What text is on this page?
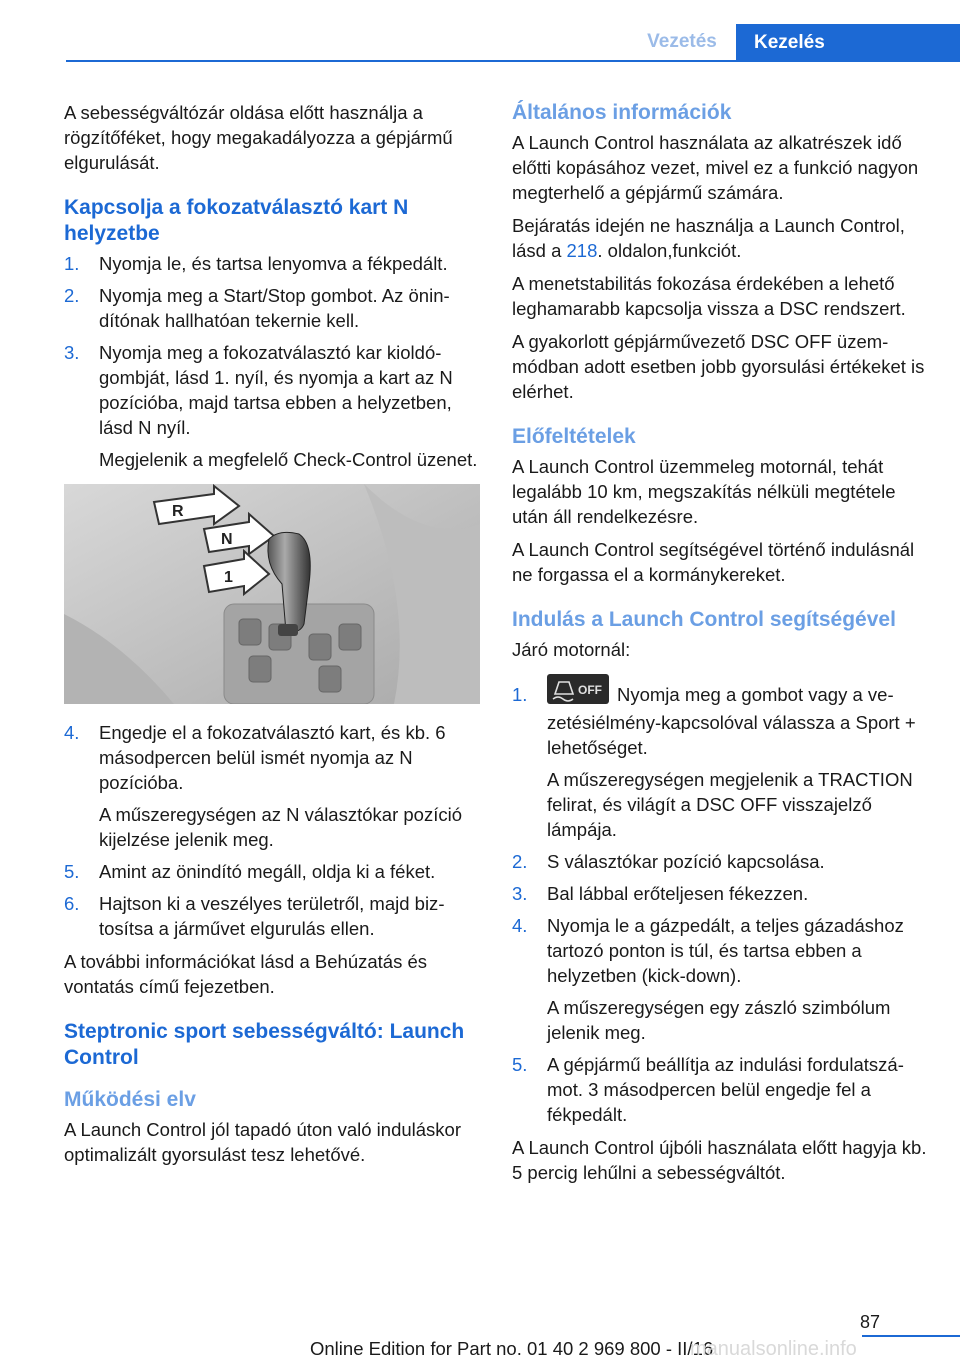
Vezetés	Kezelés

A sebességváltózár oldása előtt használja a rögzítőféket, hogy megakadályozza a gépjármű elgurulását.

Kapcsolja a fokozatválasztó kart N helyzetbe
1. Nyomja le, és tartsa lenyomva a fékpedált.
2. Nyomja meg a Start/Stop gombot. Az önindítónak hallhatóan tekernie kell.
3. Nyomja meg a fokozatválasztó kar kioldógombját, lásd 1. nyíl, és nyomja a kart az N pozícióba, majd tartsa ebben a helyzetben, lásd N nyíl.

Megjelenik a megfelelő Check-Control üzenet.

R
N
1
4. Engedje el a fokozatválasztó kart, és kb. 6 másodpercen belül ismét nyomja az N pozícióba.

A műszeregységen az N választókar pozíció kijelzése jelenik meg.

5. Amint az önindító megáll, oldja ki a féket.
6. Hajtson ki a veszélyes területről, majd biztosítsa a járművet elgurulás ellen.

A további információkat lásd a Behúzatás és vontatás című fejezetben.

Steptronic sport sebességváltó: Launch Control
Működési elv

A Launch Control jól tapadó úton való induláskor optimalizált gyorsulást tesz lehetővé.

Általános információk

A Launch Control használata az alkatrészek idő előtti kopásához vezet, mivel ez a funkció nagyon megterhelő a gépjármű számára.

Bejáratás idején ne használja a Launch Control, lásd a 218. oldalon,funkciót.

A menetstabilitás fokozása érdekében a lehető leghamarabb kapcsolja vissza a DSC rendszert.

A gyakorlott gépjárművezető DSC OFF üzemmódban adott esetben jobb gyorsulási értékeket is elérhet.

Előfeltételek

A Launch Control üzemmeleg motornál, tehát legalább 10 km, megszakítás nélküli megtétele után áll rendelkezésre.

A Launch Control segítségével történő indulásnál ne forgassa el a kormánykereket.

Indulás a Launch Control segítségével

Járó motornál:

1.	OFF Nyomja meg a gombot vagy a vezetésiélmény-kapcsolóval válassza a Sport + lehetőséget.

A műszeregységen megjelenik a TRACTION felirat, és világít a DSC OFF visszajelző lámpája.

2. S választókar pozíció kapcsolása.
3. Bal lábbal erőteljesen fékezzen.
4. Nyomja le a gázpedált, a teljes gázadáshoz tartozó ponton is túl, és tartsa ebben a helyzetben (kick-down).

A műszeregységen egy zászló szimbólum jelenik meg.

5. A gépjármű beállítja az indulási fordulatszámot. 3 másodpercen belül engedje fel a fékpedált.

A Launch Control újbóli használata előtt hagyja kb. 5 percig lehűlni a sebességváltót.

87
Online Edition for Part no. 01 40 2 969 800 - II/16
manualsonline.info
